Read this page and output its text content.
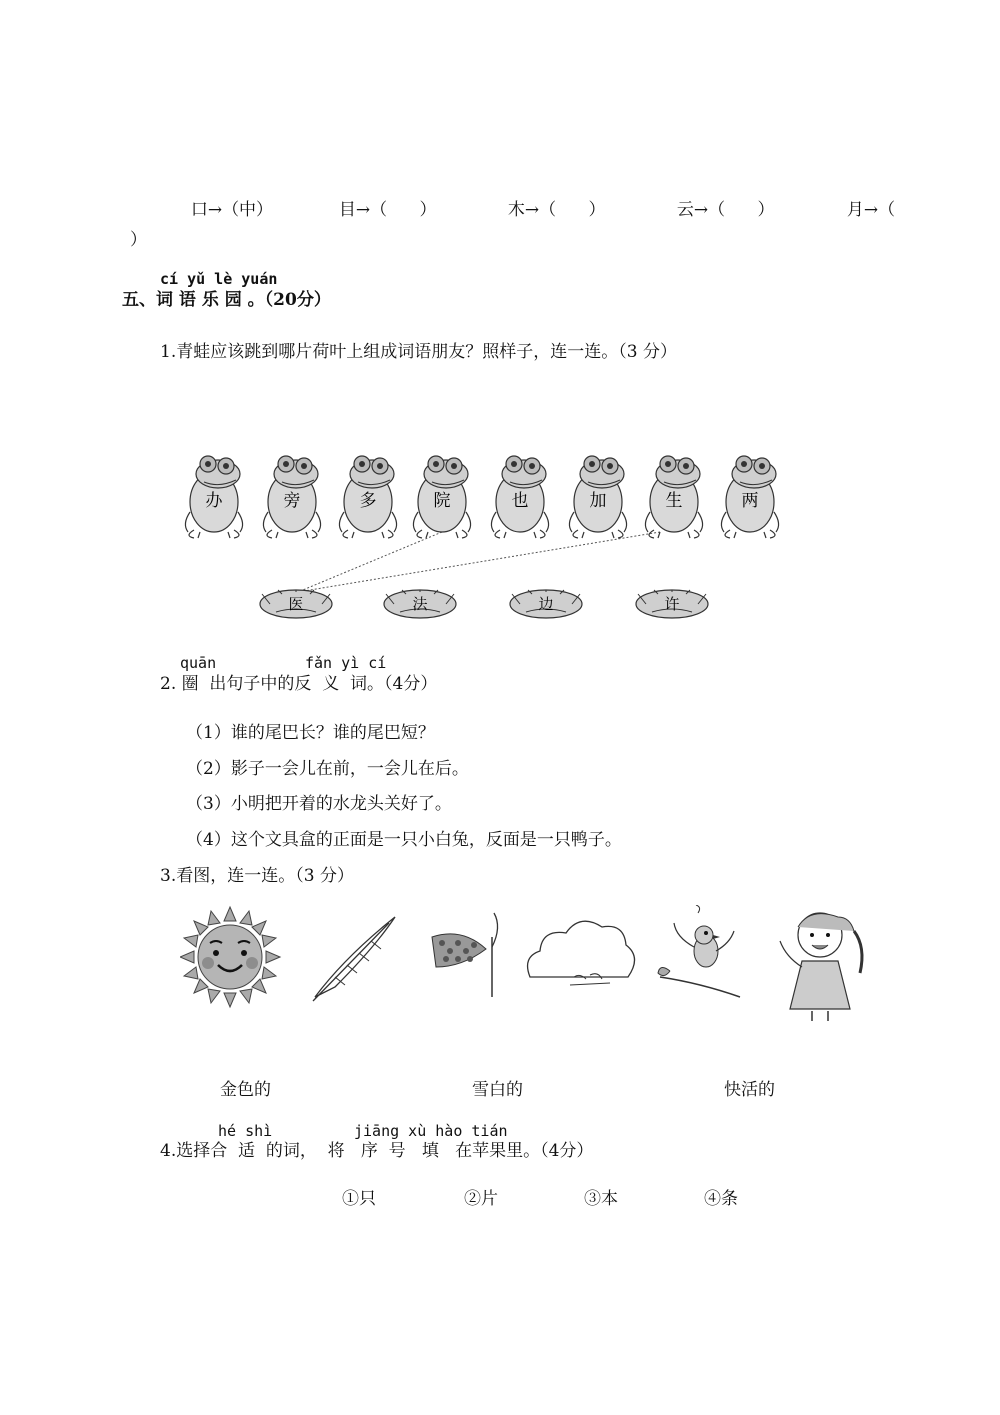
口→（中）	目→（      ）	木→（      ）	云→（      ）	月→（

）
cí yǔ lè yuán
五、词 语 乐 园 。（20分）
1.青蛙应该跳到哪片荷叶上组成词语朋友？照样子，连一连。（3 分）
办	旁	多	院	也	加	生	两
医	法	边	许
quān	fǎn yì cí
2. 圈  出句子中的反  义  词。（4分）
（1）谁的尾巴长？谁的尾巴短？
（2）影子一会儿在前，一会儿在后。
（3）小明把开着的水龙头关好了。
（4）这个文具盒的正面是一只小白兔，反面是一只鸭子。
3.看图，连一连。（3 分）
金色的	雪白的	快活的
hé shì	jiāng xù hào tián
4.选择合  适  的词，  将   序  号   填   在苹果里。（4分）
①只	②片	③本	④条
